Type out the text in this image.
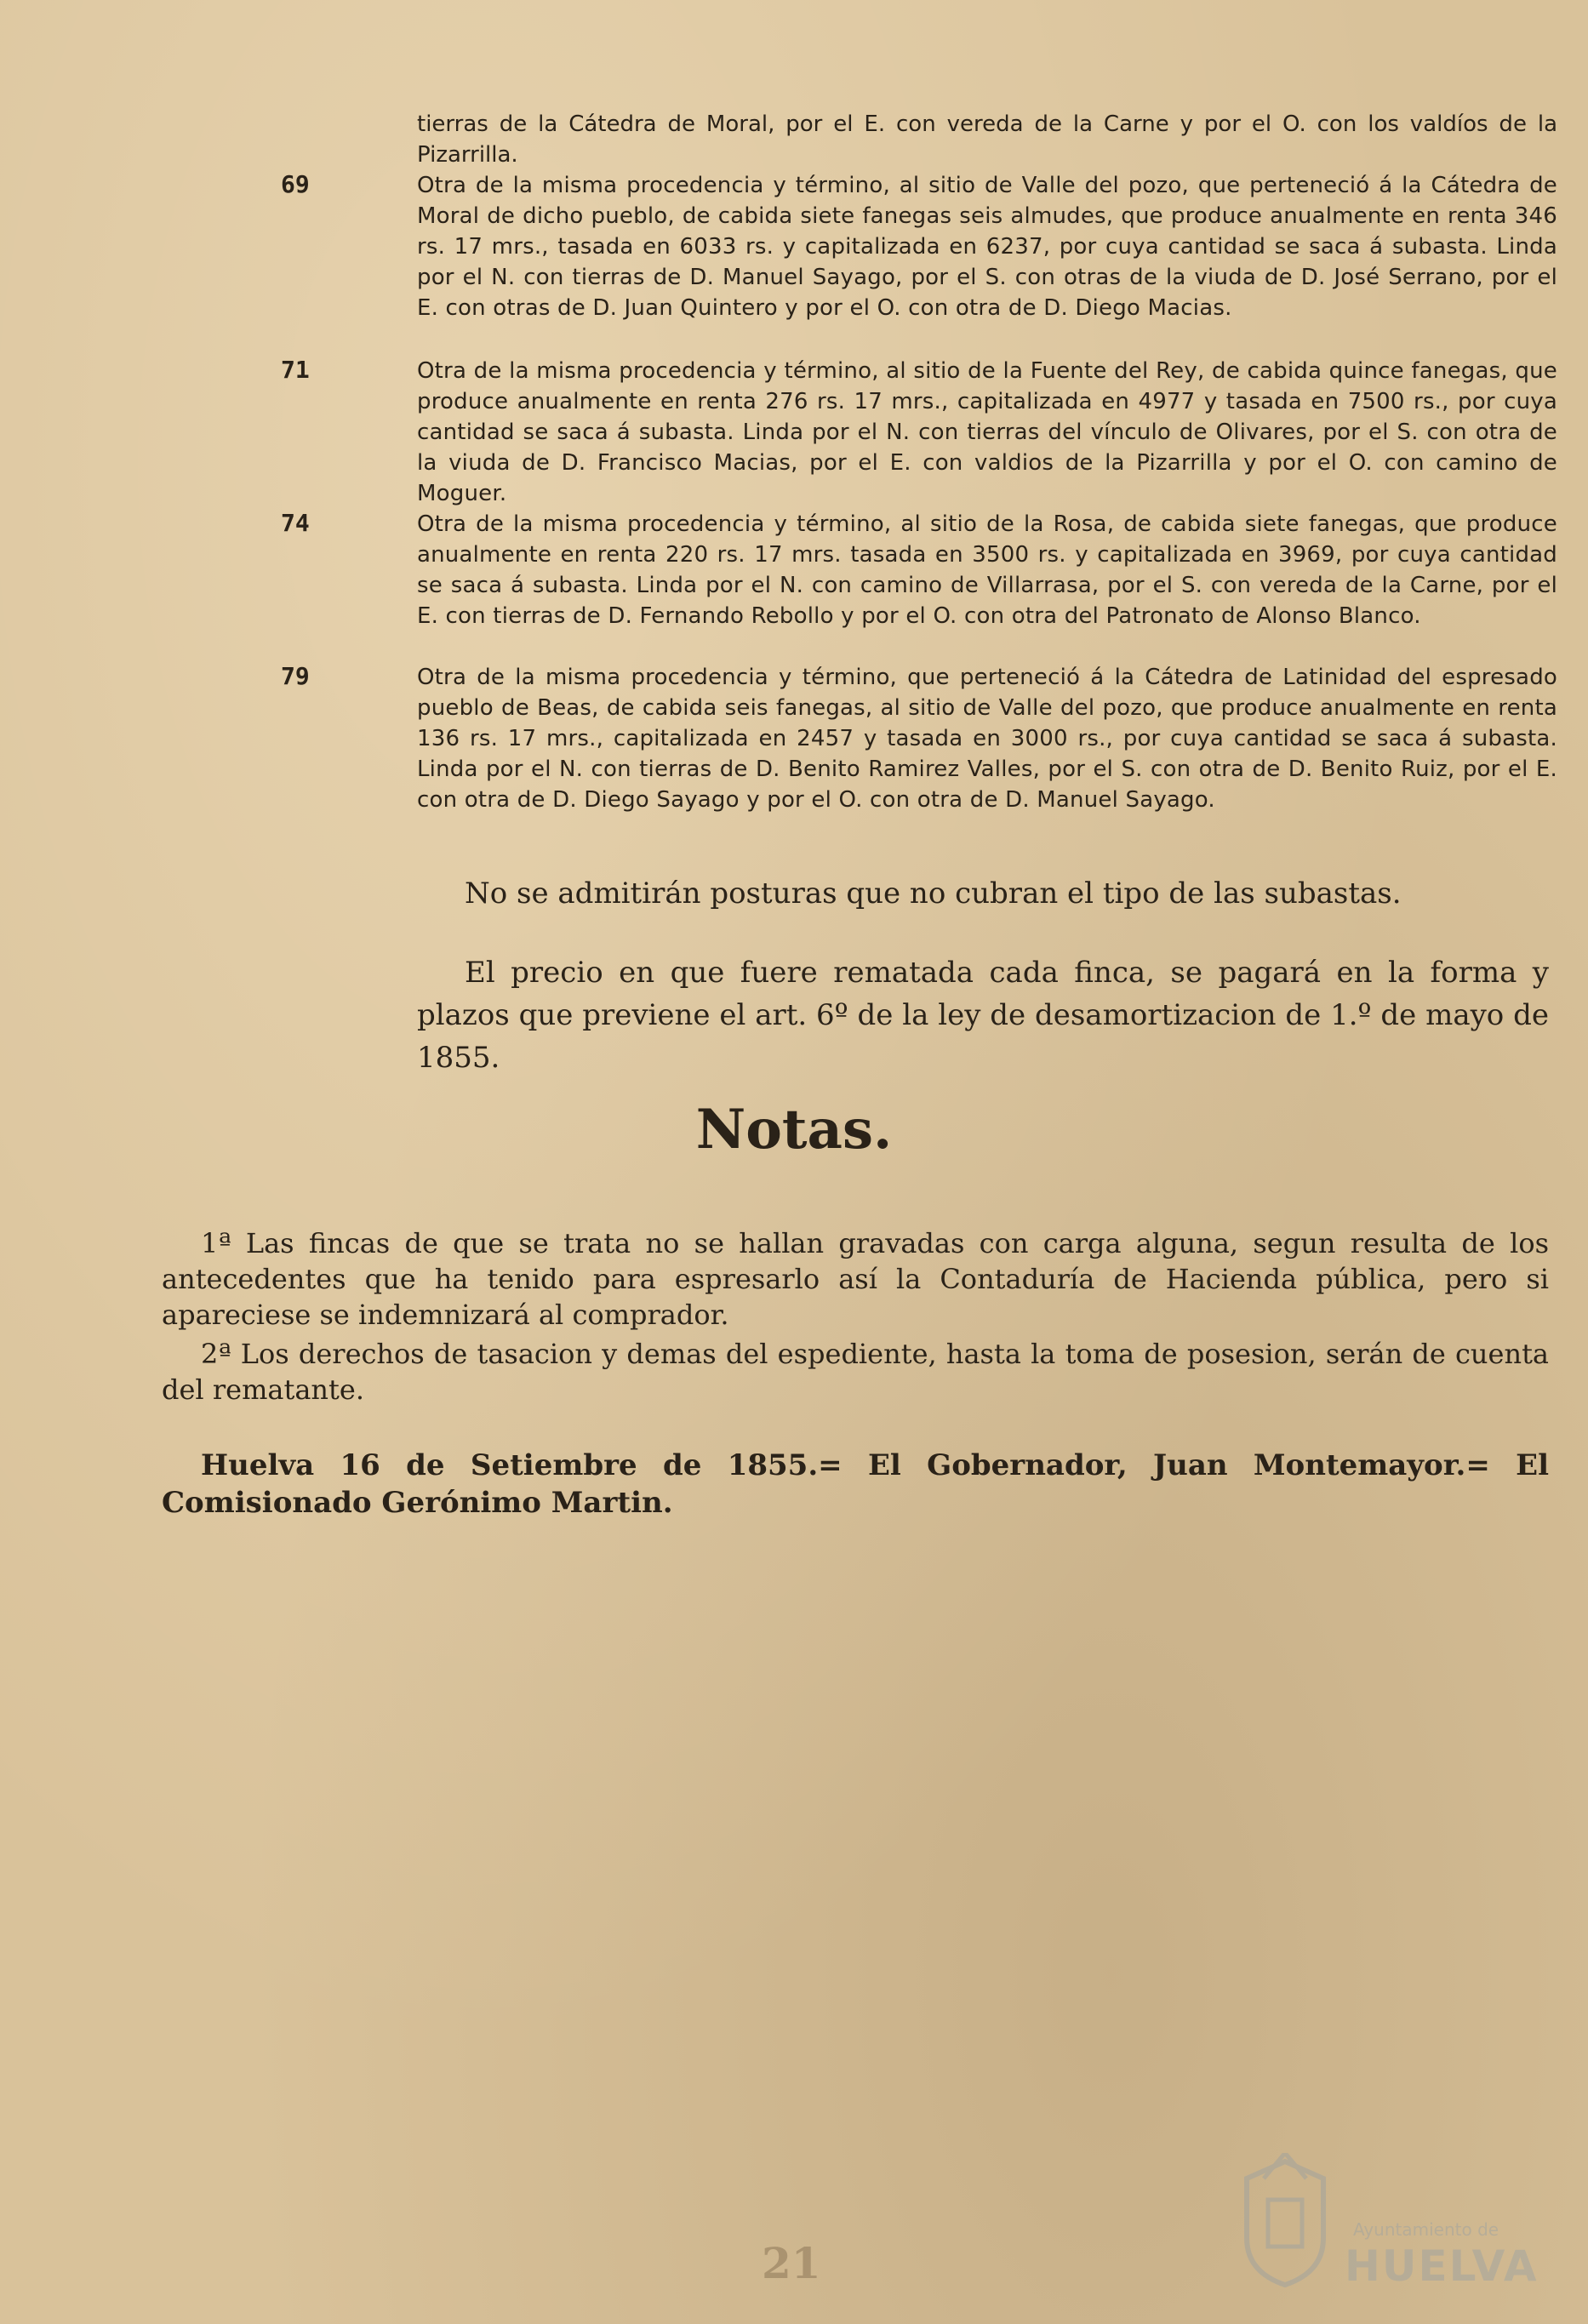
tierras de la Cátedra de Moral, por el E. con vereda de la Carne y por el O. con los valdíos de la Pizarrilla.
69	Otra de la misma procedencia y término, al sitio de Valle del pozo, que perteneció á la Cátedra de Moral de dicho pueblo, de cabida siete fanegas seis almudes, que produce anualmente en renta 346 rs. 17 mrs., tasada en 6033 rs. y capitalizada en 6237, por cuya cantidad se saca á subasta. Linda por el N. con tierras de D. Manuel Sayago, por el S. con otras de la viuda de D. José Serrano, por el E. con otras de D. Juan Quintero y por el O. con otra de D. Diego Macias.
71	Otra de la misma procedencia y término, al sitio de la Fuente del Rey, de cabida quince fanegas, que produce anualmente en renta 276 rs. 17 mrs., capitalizada en 4977 y tasada en 7500 rs., por cuya cantidad se saca á subasta. Linda por el N. con tierras del vínculo de Olivares, por el S. con otra de la viuda de D. Francisco Macias, por el E. con valdios de la Pizarrilla y por el O. con camino de Moguer.
74	Otra de la misma procedencia y término, al sitio de la Rosa, de cabida siete fanegas, que produce anualmente en renta 220 rs. 17 mrs. tasada en 3500 rs. y capitalizada en 3969, por cuya cantidad se saca á subasta. Linda por el N. con camino de Villarrasa, por el S. con vereda de la Carne, por el E. con tierras de D. Fernando Rebollo y por el O. con otra del Patronato de Alonso Blanco.
79	Otra de la misma procedencia y término, que perteneció á la Cátedra de Latinidad del espresado pueblo de Beas, de cabida seis fanegas, al sitio de Valle del pozo, que produce anualmente en renta 136 rs. 17 mrs., capitalizada en 2457 y tasada en 3000 rs., por cuya cantidad se saca á subasta. Linda por el N. con tierras de D. Benito Ramirez Valles, por el S. con otra de D. Benito Ruiz, por el E. con otra de D. Diego Sayago y por el O. con otra de D. Manuel Sayago.
No se admitirán posturas que no cubran el tipo de las subastas.
El precio en que fuere rematada cada finca, se pagará en la forma y plazos que previene el art. 6º de la ley de desamortizacion de 1.º de mayo de 1855.
Notas.
1ª Las fincas de que se trata no se hallan gravadas con carga alguna, segun resulta de los antecedentes que ha tenido para espresarlo así la Contaduría de Hacienda pública, pero si apareciese se indemnizará al comprador.
2ª Los derechos de tasacion y demas del espediente, hasta la toma de posesion, serán de cuenta del rematante.
Huelva 16 de Setiembre de 1855.= El Gobernador, Juan Montemayor.= El Comisionado Gerónimo Martin.
21
Ayuntamiento de
HUELVA
